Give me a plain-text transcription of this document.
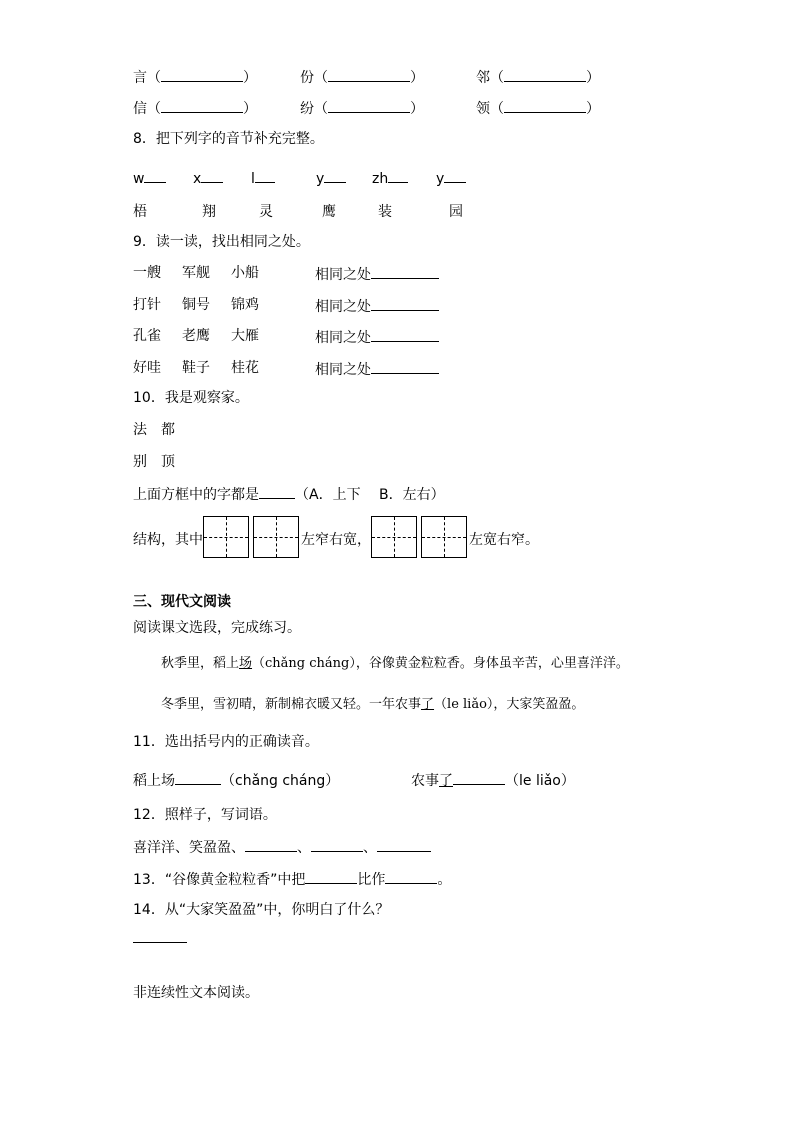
言（	）	份（	）	邻（	）
信（	）	纷（	）	领（	）
8．把下列字的音节补充完整。
w	x	l	y	zh	y
梧	翔	灵	鹰	装	园
9．读一读，找出相同之处。
一艘 军舰 小船	相同之处
打针 铜号 锦鸡	相同之处
孔雀 老鹰 大雁	相同之处
好哇 鞋子 桂花	相同之处
10．我是观察家。
法　都
别　顶
上面方框中的字都是	（A．上下　 B．左右）
结构，其中	左窄右宽，	左宽右窄。
三、现代文阅读
阅读课文选段，完成练习。
秋季里，稻上场（chǎng cháng），谷像黄金粒粒香。身体虽辛苦，心里喜洋洋。
冬季里，雪初晴，新制棉衣暖又轻。一年农事了（le liǎo），大家笑盈盈。
11．选出括号内的正确读音。
稻上场	（chǎng cháng）	农事了	（le liǎo）
12．照样子，写词语。
喜洋洋、笑盈盈、	、	、
13．“谷像黄金粒粒香”中把	比作	。
14．从“大家笑盈盈”中，你明白了什么？
非连续性文本阅读。
